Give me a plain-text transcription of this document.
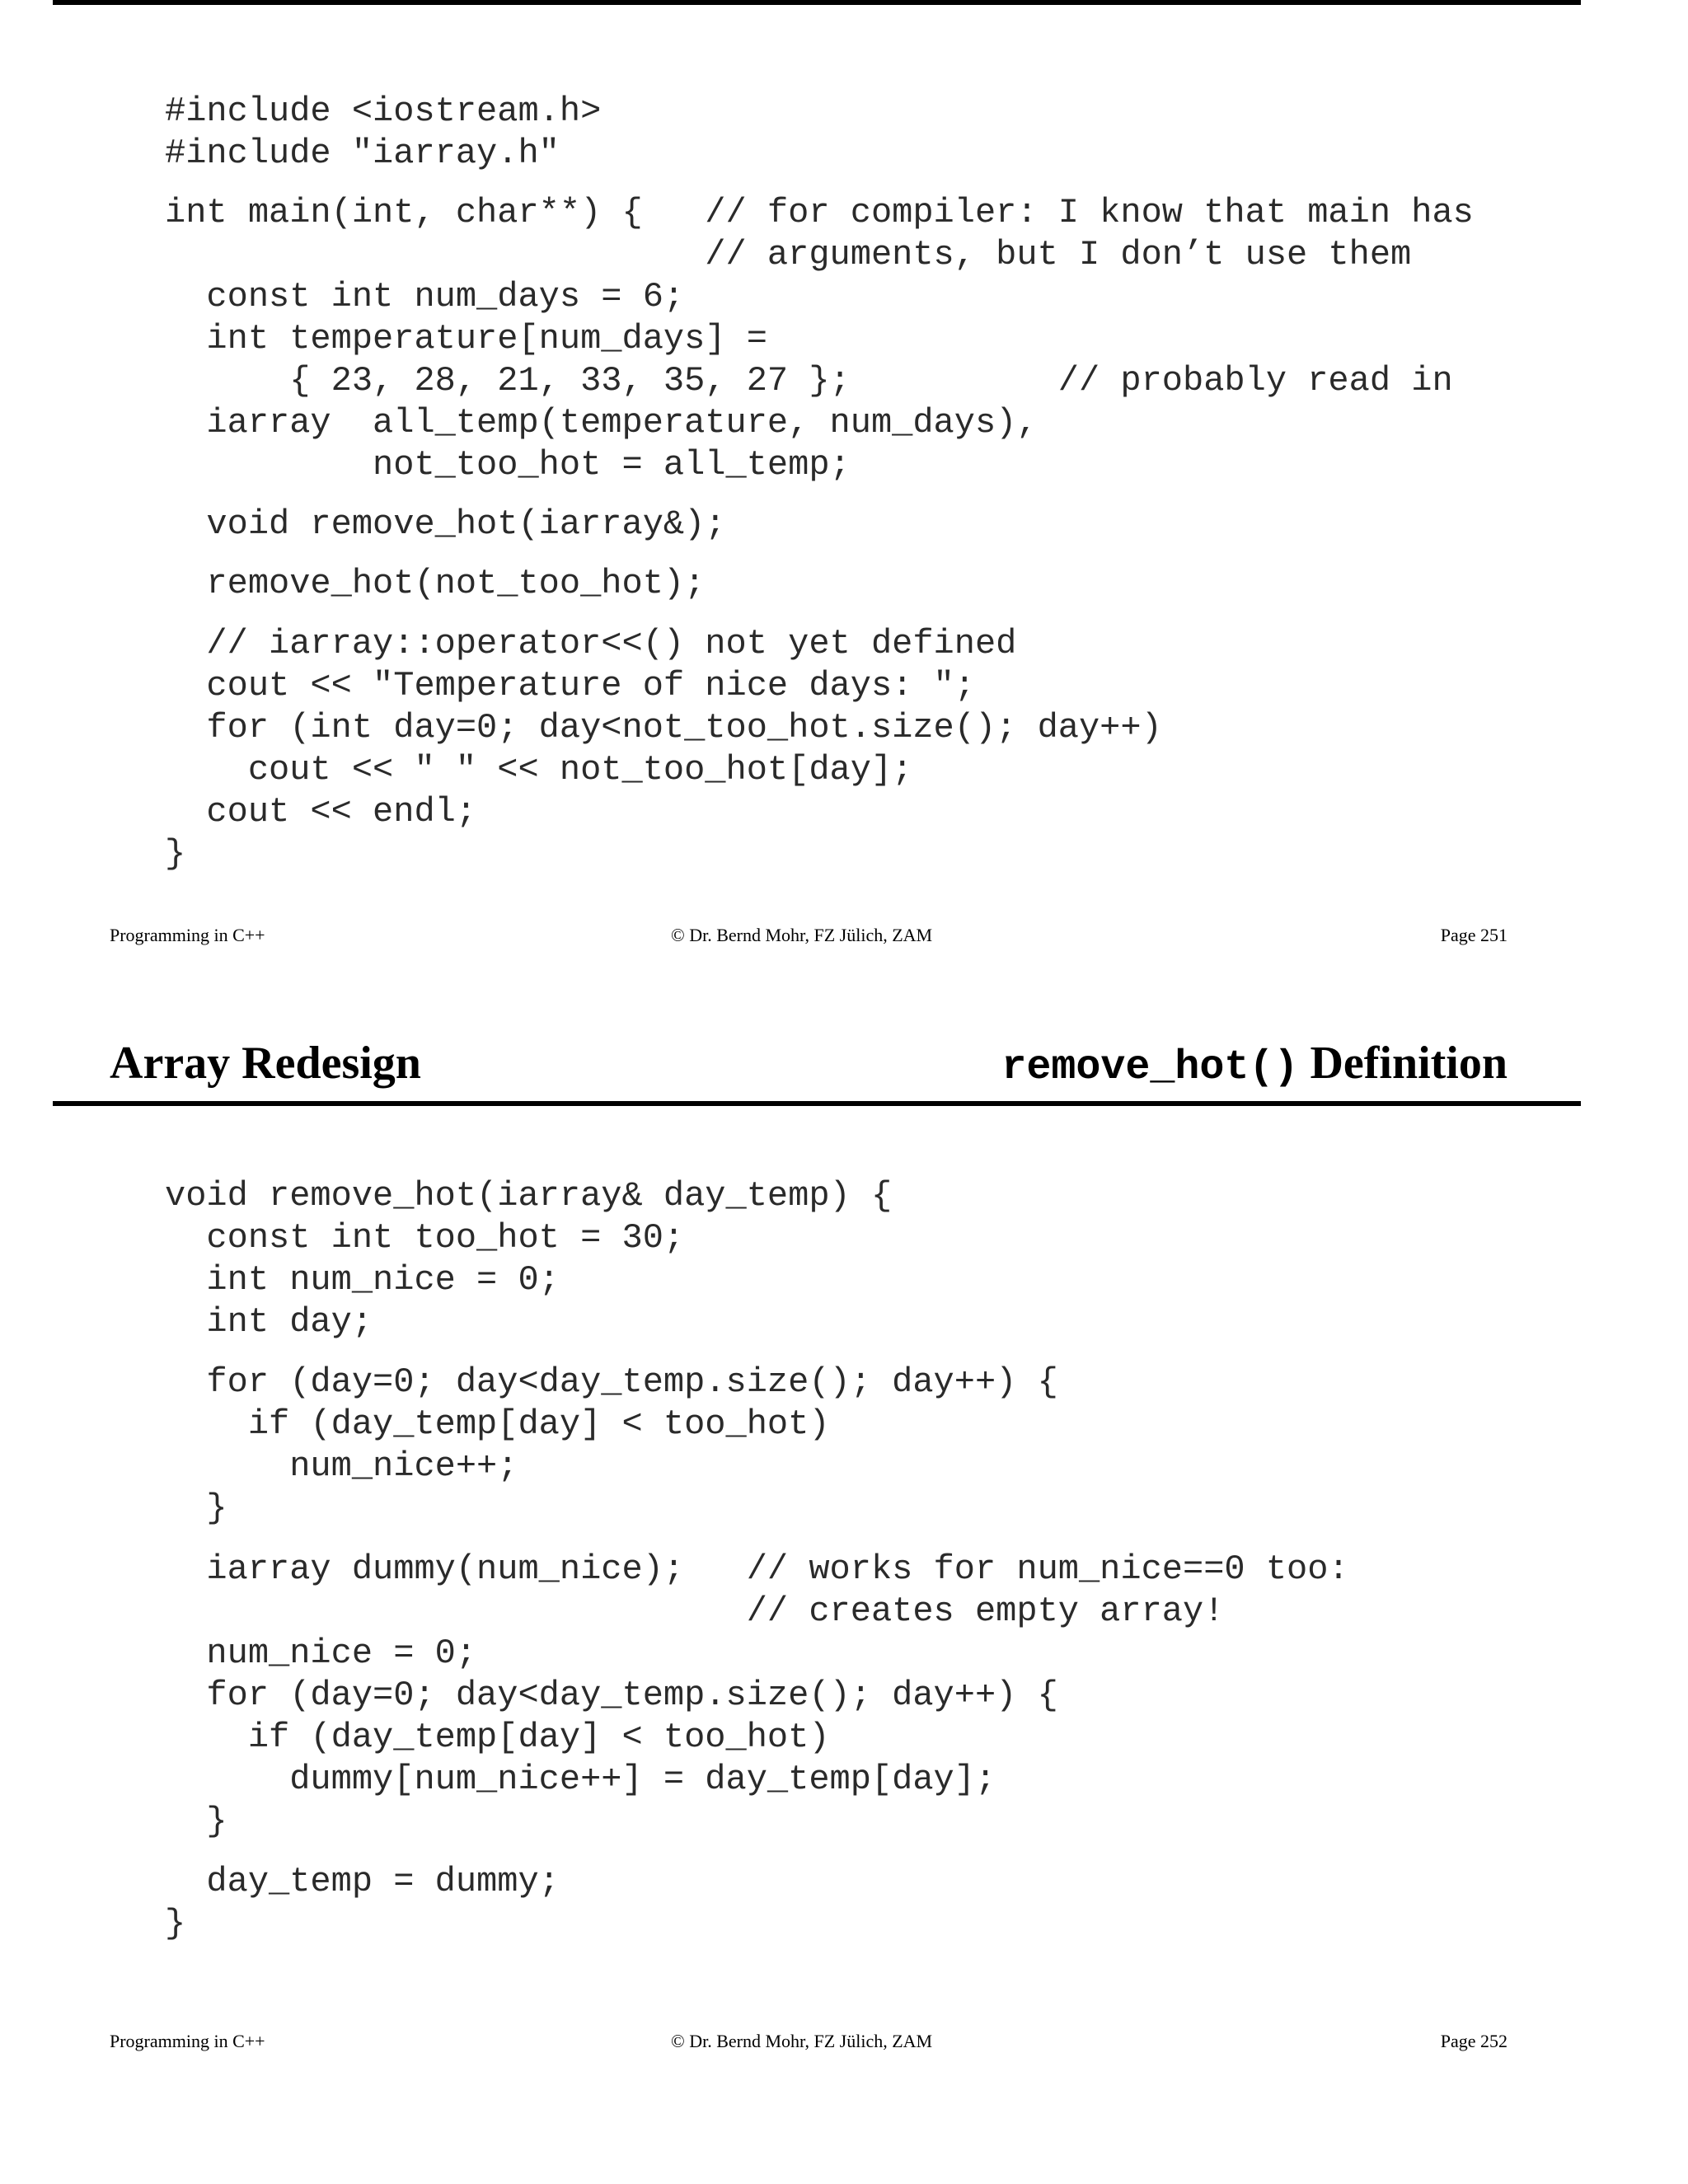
#include <iostream.h>
#include "iarray.h"
int main(int, char**) {   // for compiler: I know that main has
// arguments, but I don’t use them
const int num_days = 6;
int temperature[num_days] =
{ 23, 28, 21, 33, 35, 27 };          // probably read in
iarray  all_temp(temperature, num_days),
not_too_hot = all_temp;
void remove_hot(iarray&);
remove_hot(not_too_hot);
// iarray::operator<<() not yet defined
cout << "Temperature of nice days: ";
for (int day=0; day<not_too_hot.size(); day++)
cout << " " << not_too_hot[day];
cout << endl;
}
Programming in C++	© Dr. Bernd Mohr, FZ Jülich, ZAM	Page 251
Array Redesign	remove_hot() Definition
void remove_hot(iarray& day_temp) {
const int too_hot = 30;
int num_nice = 0;
int day;
for (day=0; day<day_temp.size(); day++) {
if (day_temp[day] < too_hot)
num_nice++;
}
iarray dummy(num_nice);   // works for num_nice==0 too:
// creates empty array!
num_nice = 0;
for (day=0; day<day_temp.size(); day++) {
if (day_temp[day] < too_hot)
dummy[num_nice++] = day_temp[day];
}
day_temp = dummy;
}
Programming in C++	© Dr. Bernd Mohr, FZ Jülich, ZAM	Page 252
